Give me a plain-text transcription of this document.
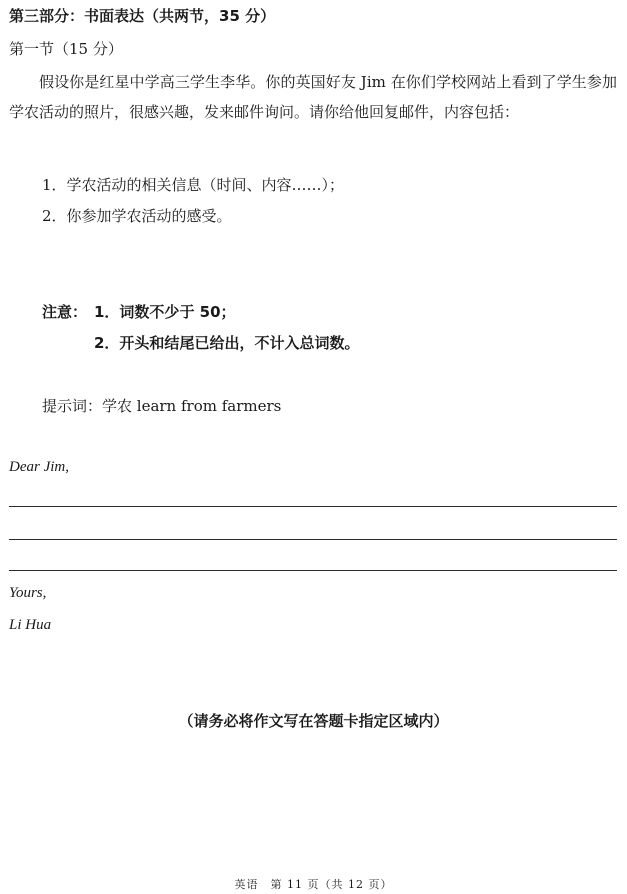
第三部分：书面表达（共两节，35 分）
第一节（15 分）
假设你是红星中学高三学生李华。你的英国好友 Jim 在你们学校网站上看到了学生参加学农活动的照片，很感兴趣，发来邮件询问。请你给他回复邮件，内容包括：
1．学农活动的相关信息（时间、内容……）；
2．你参加学农活动的感受。
注意： 1．词数不少于 50；
2．开头和结尾已给出，不计入总词数。
提示词：学农 learn from farmers
Dear Jim,
Yours,
Li Hua
（请务必将作文写在答题卡指定区域内）
英语　第 11 页（共 12 页）
